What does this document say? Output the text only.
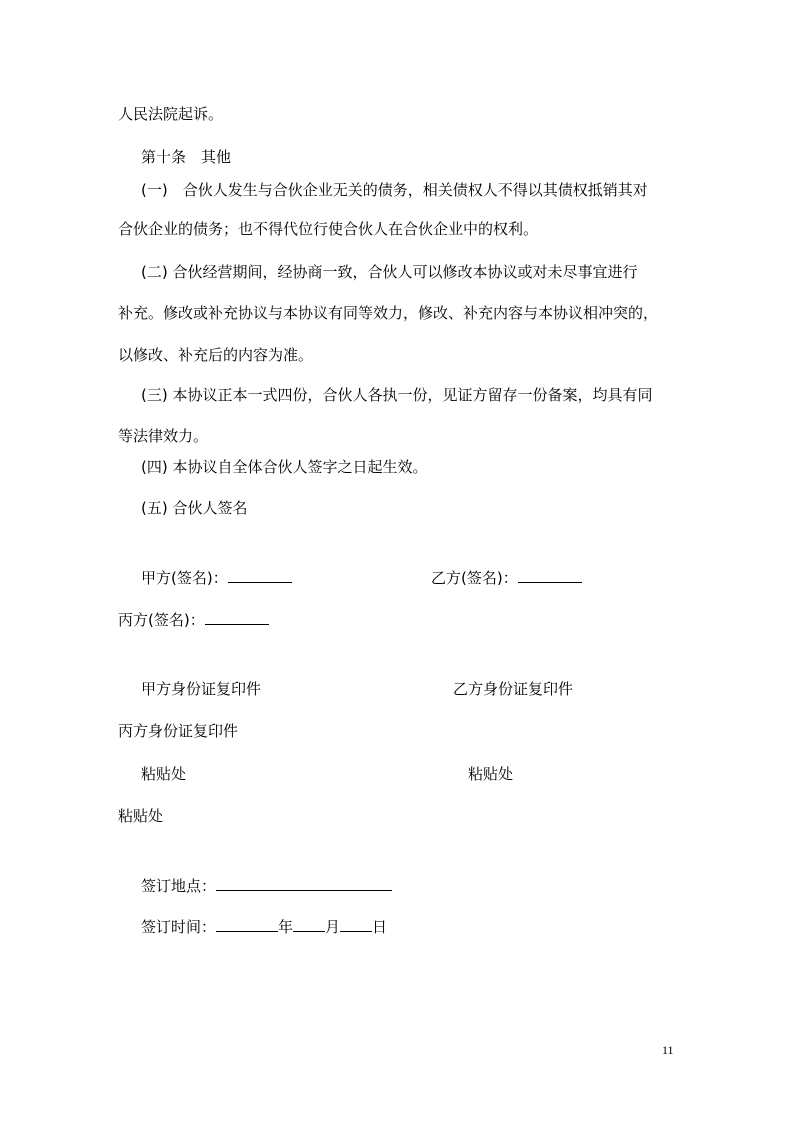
人民法院起诉。
第十条　其他
(一)　合伙人发生与合伙企业无关的债务，相关债权人不得以其债权抵销其对
合伙企业的债务；也不得代位行使合伙人在合伙企业中的权利。
(二) 合伙经营期间，经协商一致，合伙人可以修改本协议或对未尽事宜进行
补充。修改或补充协议与本协议有同等效力，修改、补充内容与本协议相冲突的，
以修改、补充后的内容为准。
(三) 本协议正本一式四份，合伙人各执一份，见证方留存一份备案，均具有同
等法律效力。
(四) 本协议自全体合伙人签字之日起生效。
(五) 合伙人签名
甲方(签名)：	乙方(签名)：
丙方(签名)：
甲方身份证复印件	乙方身份证复印件
丙方身份证复印件
粘贴处	粘贴处
粘贴处
签订地点：
签订时间：	年 月 日
11
